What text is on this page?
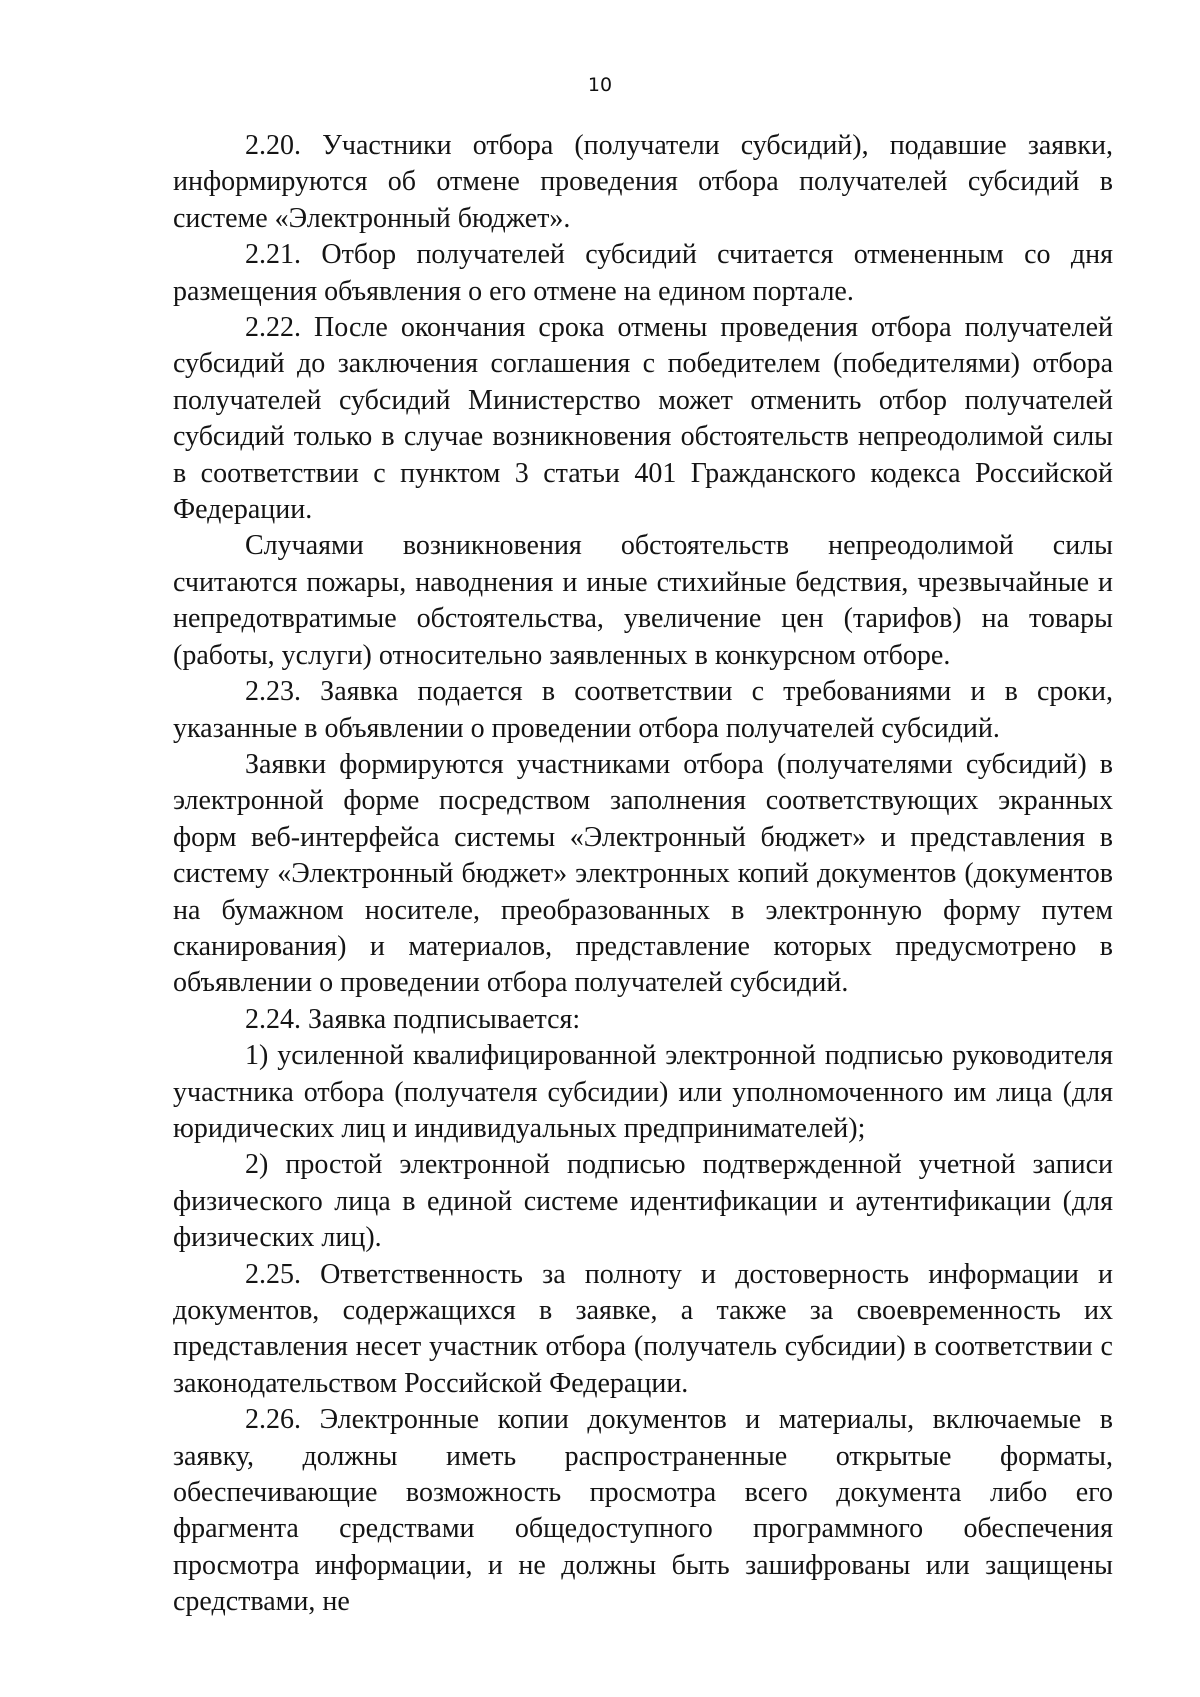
10

2.20. Участники отбора (получатели субсидий), подавшие заявки, информируются об отмене проведения отбора получателей субсидий в системе «Электронный бюджет».

2.21. Отбор получателей субсидий считается отмененным со дня размещения объявления о его отмене на едином портале.

2.22. После окончания срока отмены проведения отбора получателей субсидий до заключения соглашения с победителем (победителями) отбора получателей субсидий Министерство может отменить отбор получателей субсидий только в случае возникновения обстоятельств непреодолимой силы в соответствии с пунктом 3 статьи 401 Гражданского кодекса Российской Федерации.

Случаями возникновения обстоятельств непреодолимой силы считаются пожары, наводнения и иные стихийные бедствия, чрезвычайные и непредотвратимые обстоятельства, увеличение цен (тарифов) на товары (работы, услуги) относительно заявленных в конкурсном отборе.

2.23. Заявка подается в соответствии с требованиями и в сроки, указанные в объявлении о проведении отбора получателей субсидий.

Заявки формируются участниками отбора (получателями субсидий) в электронной форме посредством заполнения соответствующих экранных форм веб-интерфейса системы «Электронный бюджет» и представления в систему «Электронный бюджет» электронных копий документов (документов на бумажном носителе, преобразованных в электронную форму путем сканирования) и материалов, представление которых предусмотрено в объявлении о проведении отбора получателей субсидий.

2.24. Заявка подписывается:

1) усиленной квалифицированной электронной подписью руководителя участника отбора (получателя субсидии) или уполномоченного им лица (для юридических лиц и индивидуальных предпринимателей);

2) простой электронной подписью подтвержденной учетной записи физического лица в единой системе идентификации и аутентификации (для физических лиц).

2.25. Ответственность за полноту и достоверность информации и документов, содержащихся в заявке, а также за своевременность их представления несет участник отбора (получатель субсидии) в соответствии с законодательством Российской Федерации.

2.26. Электронные копии документов и материалы, включаемые в заявку, должны иметь распространенные открытые форматы, обеспечивающие возможность просмотра всего документа либо его фрагмента средствами общедоступного программного обеспечения просмотра информации, и не должны быть зашифрованы или защищены средствами, не
